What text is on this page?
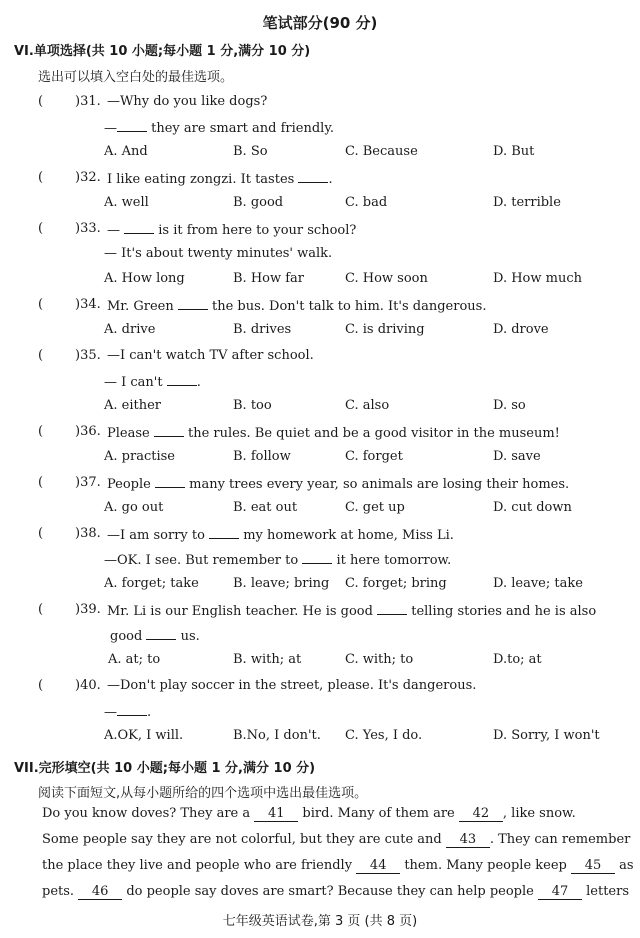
笔试部分(90 分)
VI.单项选择(共 10 小题;每小题 1 分,满分 10 分)
选出可以填入空白处的最佳选项。
( )31. —Why do you like dogs?
— they are smart and friendly.
A. And	B. So	C. Because	D. But
( )32. I like eating zongzi. It tastes .
A. well	B. good	C. bad	D. terrible
( )33. —  is it from here to your school?
— It's about twenty minutes' walk.
A. How long	B. How far	C. How soon	D. How much
( )34. Mr. Green  the bus. Don't talk to him. It's dangerous.
A. drive	B. drives	C. is driving	D. drove
( )35. —I can't watch TV after school.
— I can't .
A. either	B. too	C. also	D. so
( )36. Please  the rules. Be quiet and be a good visitor in the museum!
A. practise	B. follow	C. forget	D. save
( )37. People  many trees every year, so animals are losing their homes.
A. go out	B. eat out	C. get up	D. cut down
( )38. —I am sorry to  my homework at home, Miss Li.
—OK. I see. But remember to  it here tomorrow.
A. forget; take	B. leave; bring C. forget; bring	D. leave; take
( )39. Mr. Li is our English teacher. He is good  telling stories and he is also
good  us.
A. at; to	B. with; at	C. with; to	D.to; at
( )40. —Don't play soccer in the street, please. It's dangerous.
— .
A.OK, I will.	B.No, I don't. C. Yes, I do.	D. Sorry, I won't
VII.完形填空(共 10 小题;每小题 1 分,满分 10 分)
阅读下面短文,从每小题所给的四个选项中选出最佳选项。
Do you know doves? They are a 41 bird. Many of them are 42 , like snow.
Some people say they are not colorful, but they are cute and 43 . They can remember
the place they live and people who are friendly 44 them. Many people keep 45 as
pets. 46 do people say doves are smart? Because they can help people 47 letters
七年级英语试卷,第 3 页 (共 8 页)
